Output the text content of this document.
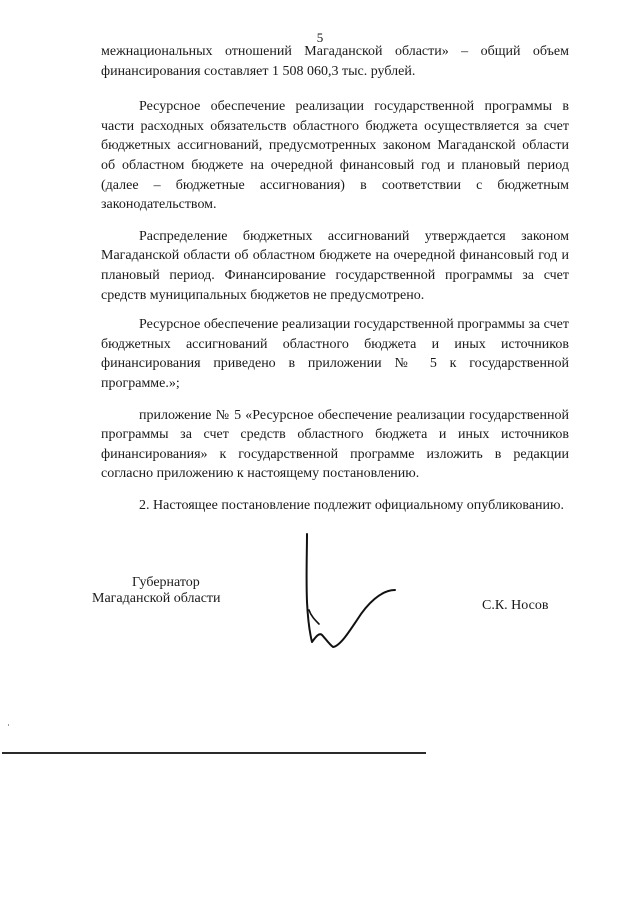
5

межнациональных отношений Магаданской области» – общий объем финансирования составляет 1 508 060,3 тыс. рублей.

Ресурсное обеспечение реализации государственной программы в части расходных обязательств областного бюджета осуществляется за счет бюджетных ассигнований, предусмотренных законом Магаданской области об областном бюджете на очередной финансовый год и плановый период (далее – бюджетные ассигнования) в соответствии с бюджетным законодательством.

Распределение бюджетных ассигнований утверждается законом Магаданской области об областном бюджете на очередной финансовый год и плановый период. Финансирование государственной программы за счет средств муниципальных бюджетов не предусмотрено.

Ресурсное обеспечение реализации государственной программы за счет бюджетных ассигнований областного бюджета и иных источников финансирования приведено в приложении № 5 к государственной программе.»;

приложение № 5 «Ресурсное обеспечение реализации государственной программы за счет средств областного бюджета и иных источников финансирования» к государственной программе изложить в редакции согласно приложению к настоящему постановлению.

2. Настоящее постановление подлежит официальному опубликованию.

Губернатор
Магаданской области	С.К. Носов
